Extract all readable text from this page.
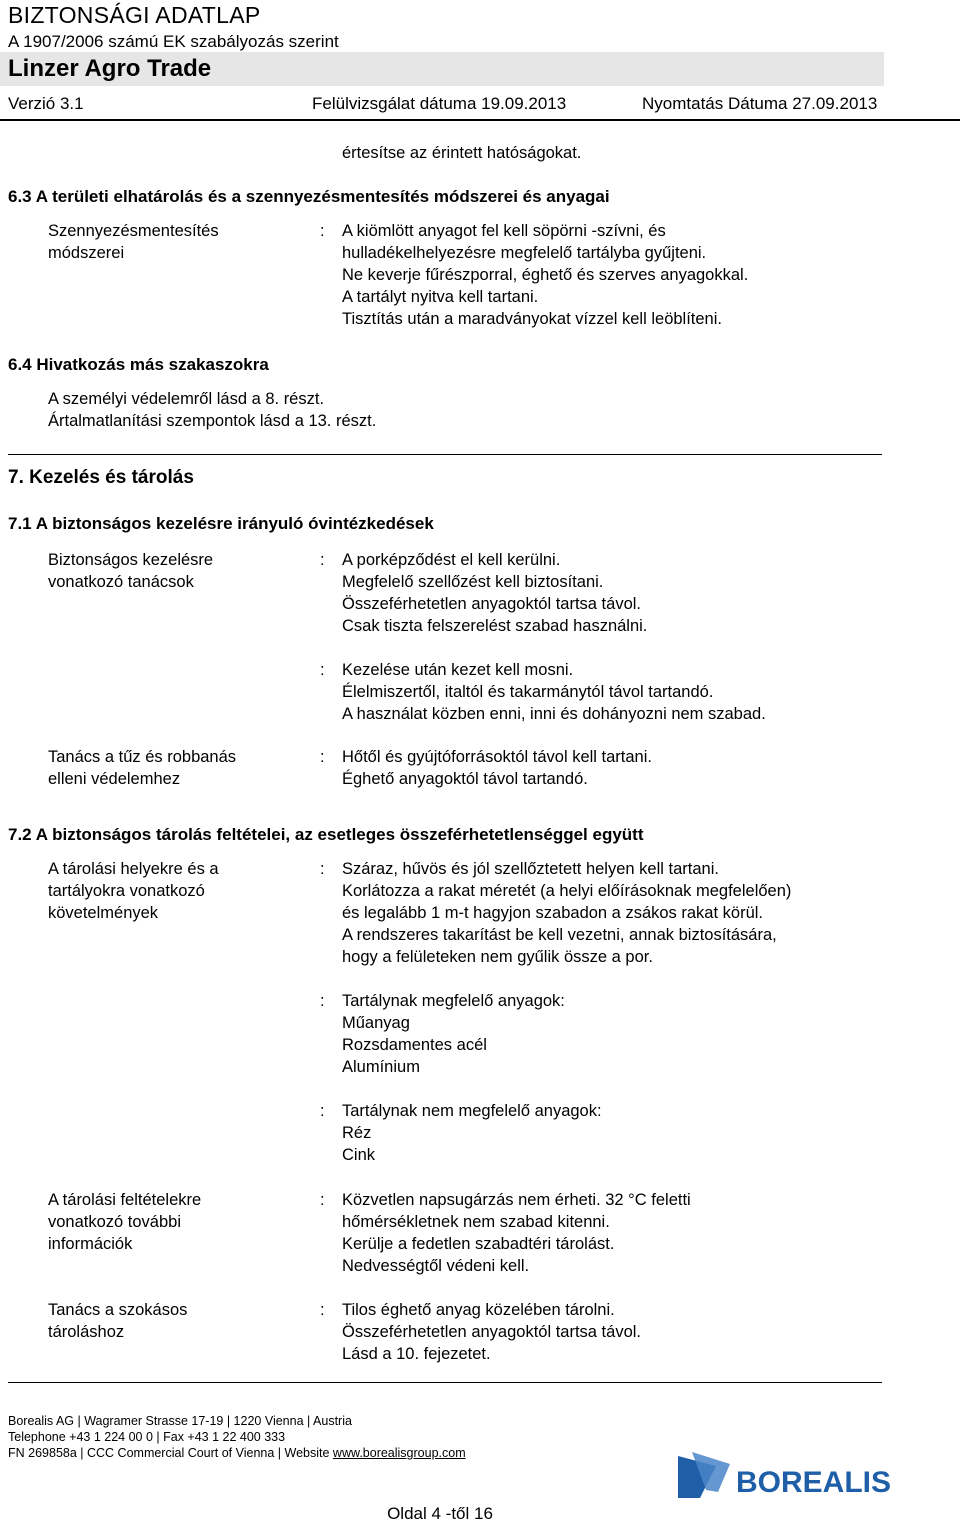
BIZTONSÁGI ADATLAP
A 1907/2006 számú EK szabályozás szerint
Linzer Agro Trade
Verzió 3.1	Felülvizsgálat dátuma 19.09.2013	Nyomtatás Dátuma 27.09.2013
értesítse az érintett hatóságokat.
6.3 A területi elhatárolás és a szennyezésmentesítés módszerei és anyagai
Szennyezésmentesítés
módszerei
: A kiömlött anyagot fel kell söpörni -szívni, és
hulladékelhelyezésre megfelelő tartályba gyűjteni.
Ne keverje fűrészporral, éghető és szerves anyagokkal.
A tartályt nyitva kell tartani.
Tisztítás után a maradványokat vízzel kell leöblíteni.
6.4 Hivatkozás más szakaszokra
A személyi védelemről lásd a 8. részt.
Ártalmatlanítási szempontok lásd a 13. részt.
7. Kezelés és tárolás
7.1 A biztonságos kezelésre irányuló óvintézkedések
Biztonságos kezelésre
vonatkozó tanácsok
: A porképződést el kell kerülni.
Megfelelő szellőzést kell biztosítani.
Összeférhetetlen anyagoktól tartsa távol.
Csak tiszta felszerelést szabad használni.
: Kezelése után kezet kell mosni.
Élelmiszertől, italtól és takarmánytól távol tartandó.
A használat közben enni, inni és dohányozni nem szabad.
Tanács a tűz és robbanás
elleni védelemhez
: Hőtől és gyújtóforrásoktól távol kell tartani.
Éghető anyagoktól távol tartandó.
7.2 A biztonságos tárolás feltételei, az esetleges összeférhetetlenséggel együtt
A tárolási helyekre és a
tartályokra vonatkozó
követelmények
: Száraz, hűvös és jól szellőztetett helyen kell tartani.
Korlátozza a rakat méretét (a helyi előírásoknak megfelelően)
és legalább 1 m-t hagyjon szabadon a zsákos rakat körül.
A rendszeres takarítást be kell vezetni, annak biztosítására,
hogy a felületeken nem gyűlik össze a por.
: Tartálynak megfelelő anyagok:
Műanyag
Rozsdamentes acél
Alumínium
: Tartálynak nem megfelelő anyagok:
Réz
Cink
A tárolási feltételekre
vonatkozó további
információk
: Közvetlen napsugárzás nem érheti. 32 °C feletti
hőmérsékletnek nem szabad kitenni.
Kerülje a fedetlen szabadtéri tárolást.
Nedvességtől védeni kell.
Tanács a szokásos
tároláshoz
: Tilos éghető anyag közelében tárolni.
Összeférhetetlen anyagoktól tartsa távol.
Lásd a 10. fejezetet.
Borealis AG | Wagramer Strasse 17-19 | 1220 Vienna | Austria
Telephone +43 1 224 00 0 | Fax +43 1 22 400 333
FN 269858a | CCC Commercial Court of Vienna | Website www.borealisgroup.com
BOREALIS
Oldal 4 -től 16
